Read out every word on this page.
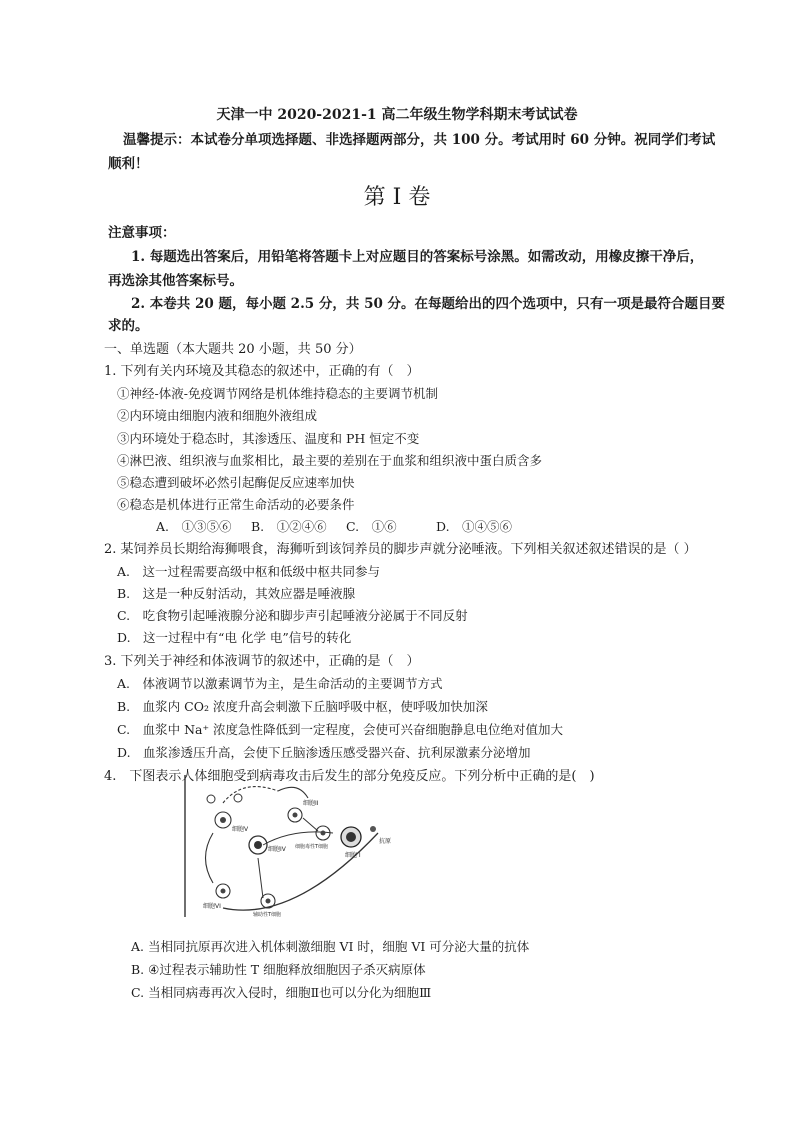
天津一中 2020-2021-1 高二年级生物学科期末考试试卷
温馨提示：本试卷分单项选择题、非选择题两部分，共 100 分。考试用时 60 分钟。祝同学们考试
顺利！
第 I 卷
注意事项：
1. 每题选出答案后，用铅笔将答题卡上对应题目的答案标号涂黑。如需改动，用橡皮擦干净后，
再选涂其他答案标号。
2. 本卷共 20 题，每小题 2.5 分，共 50 分。在每题给出的四个选项中，只有一项是最符合题目要
求的。
一、单选题（本大题共 20 小题，共 50 分）
1. 下列有关内环境及其稳态的叙述中，正确的有（　）
①神经-体液-免疫调节网络是机体维持稳态的主要调节机制
②内环境由细胞内液和细胞外液组成
③内环境处于稳态时，其渗透压、温度和 PH 恒定不变
④淋巴液、组织液与血浆相比，最主要的差别在于血浆和组织液中蛋白质含多
⑤稳态遭到破坏必然引起酶促反应速率加快
⑥稳态是机体进行正常生命活动的必要条件
A.　①③⑤⑥ B.　①②④⑥ C.　①⑥	D.　①④⑤⑥
2. 某饲养员长期给海狮喂食，海狮听到该饲养员的脚步声就分泌唾液。下列相关叙述叙述错误的是（ ）
A.　这一过程需要高级中枢和低级中枢共同参与
B.　这是一种反射活动，其效应器是唾液腺
C.　吃食物引起唾液腺分泌和脚步声引起唾液分泌属于不同反射
D.　这一过程中有“电 化学 电”信号的转化
3. 下列关于神经和体液调节的叙述中，正确的是（　）
A.　体液调节以激素调节为主，是生命活动的主要调节方式
B.　血浆内 CO₂ 浓度升高会刺激下丘脑呼吸中枢，使呼吸加快加深
C.　血浆中 Na⁺ 浓度急性降低到一定程度，会使可兴奋细胞静息电位绝对值加大
D.　血浆渗透压升高，会使下丘脑渗透压感受器兴奋、抗利尿激素分泌增加
4.　下图表示人体细胞受到病毒攻击后发生的部分免疫反应。下列分析中正确的是(　)
细胞V
细胞II
细胞IV 细胞毒性T细胞
细胞 I
抗原
细胞VI
辅助性T细胞
A. 当相同抗原再次进入机体刺激细胞 VI 时，细胞 VI 可分泌大量的抗体
B. ④过程表示辅助性 T 细胞释放细胞因子杀灭病原体
C. 当相同病毒再次入侵时，细胞Ⅱ也可以分化为细胞Ⅲ
